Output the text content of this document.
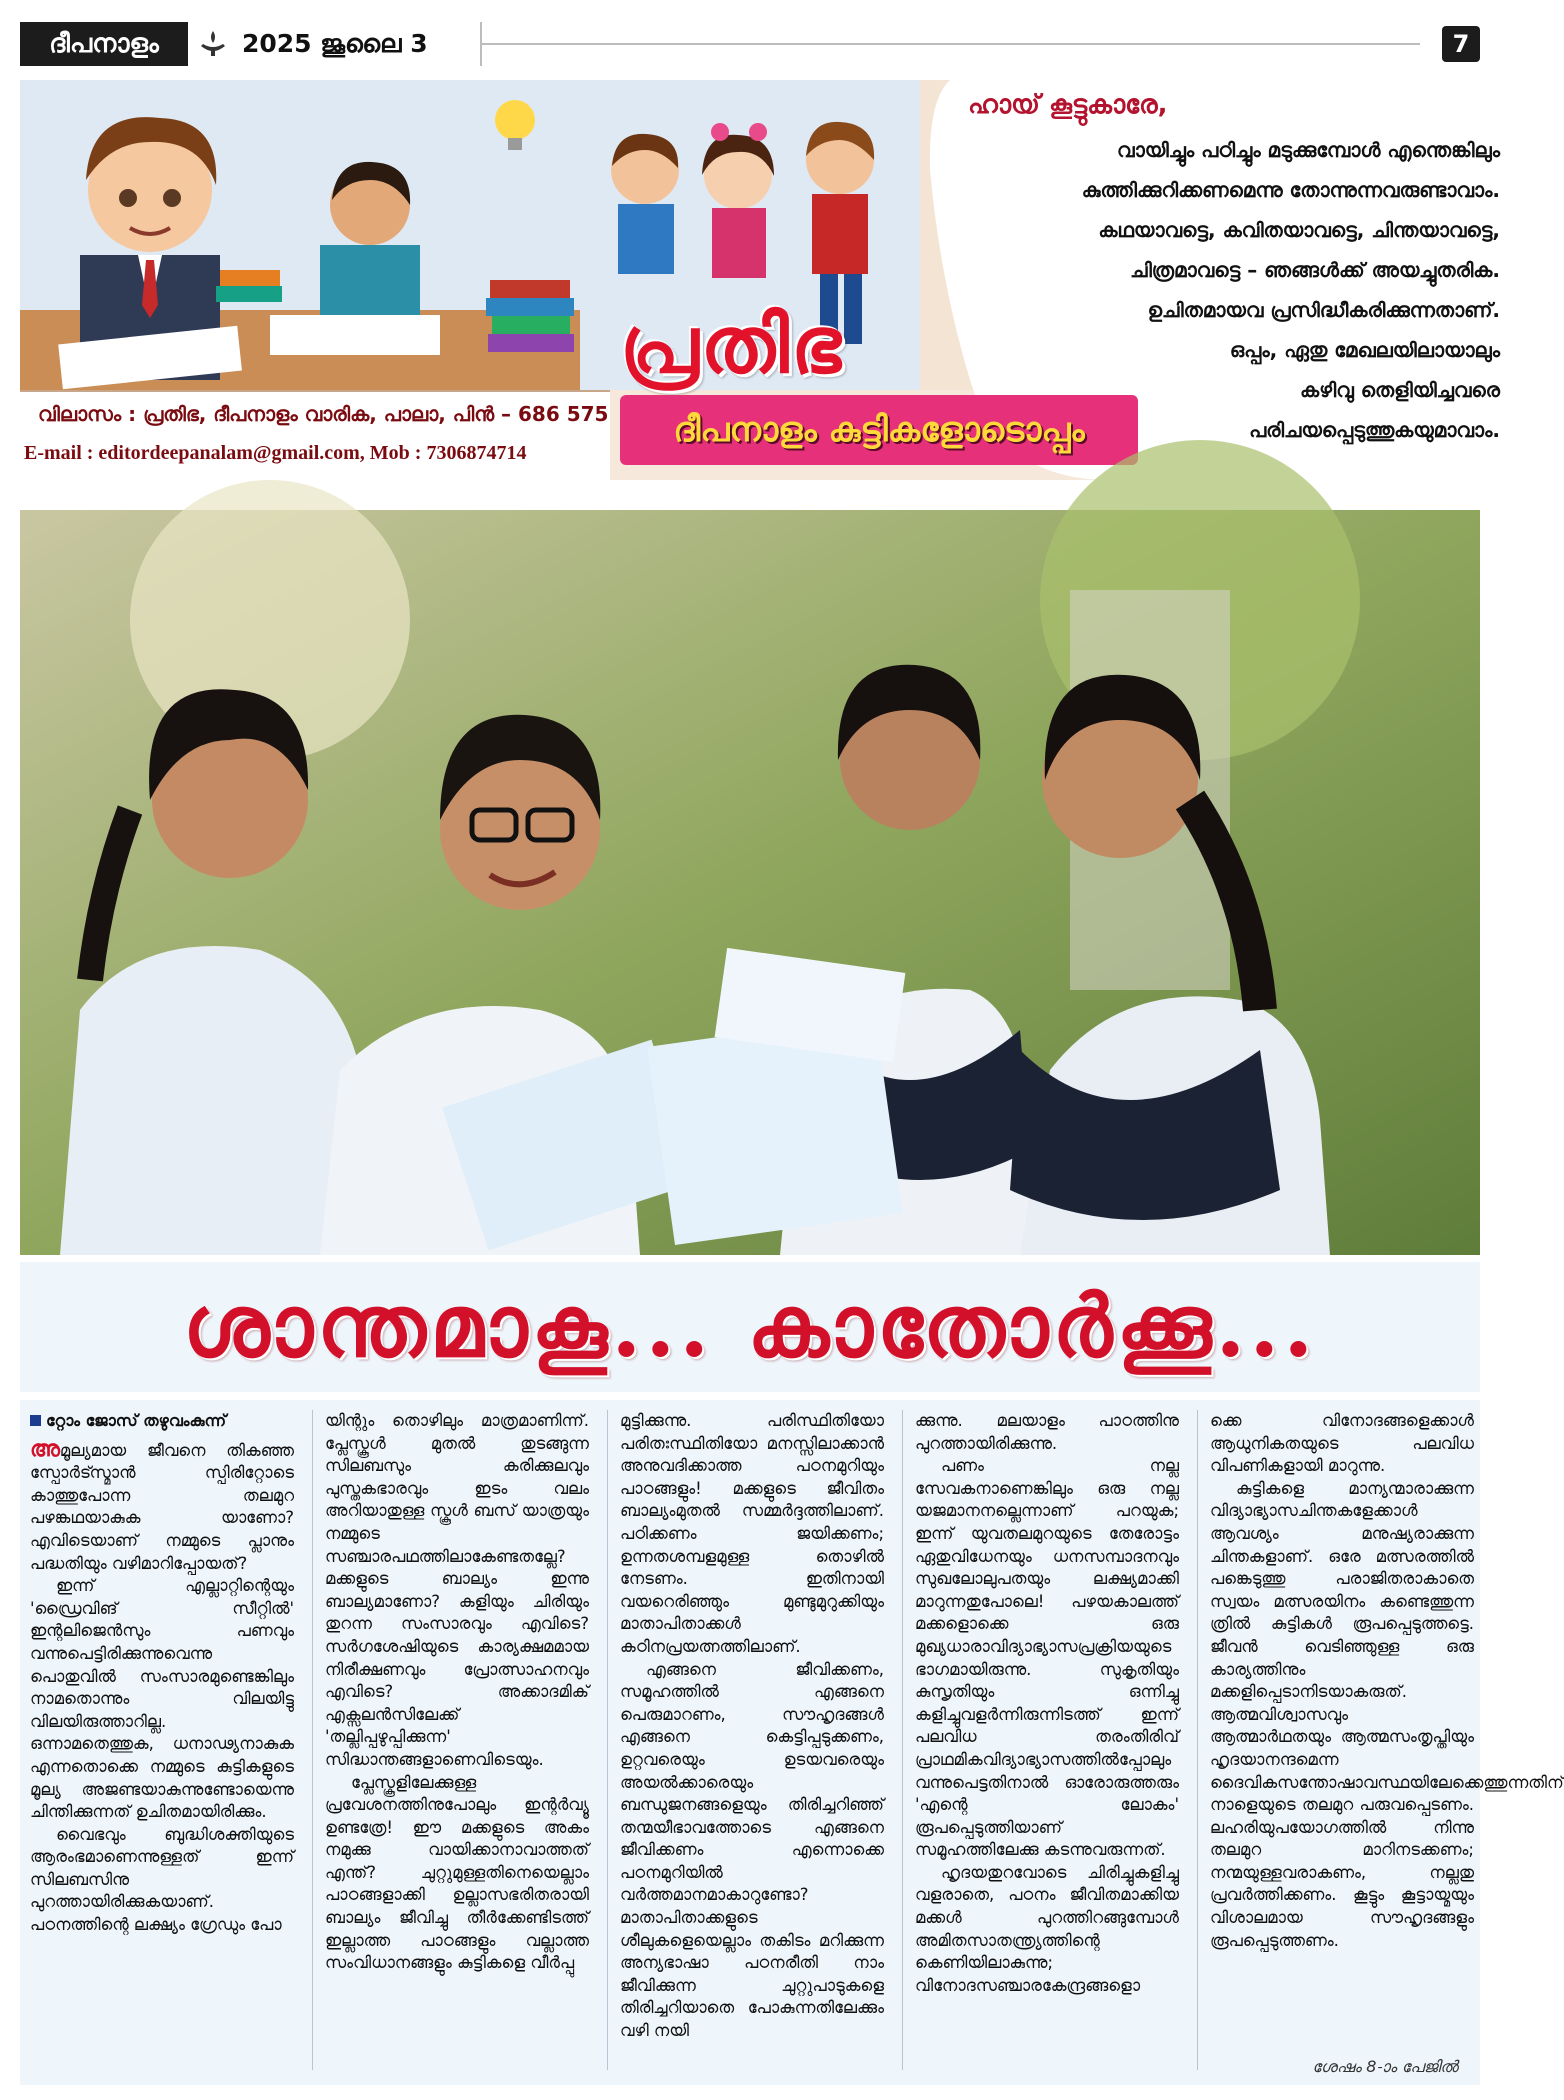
ദീപനാളം	2025 ജൂലൈ 3	7
ഹായ് കൂട്ടുകാരേ,
വായിച്ചും പഠിച്ചും മടുക്കുമ്പോൾ എന്തെങ്കിലും
കുത്തിക്കുറിക്കണമെന്നു തോന്നുന്നവരുണ്ടാവാം.
കഥയാവട്ടെ, കവിതയാവട്ടെ, ചിന്തയാവട്ടെ,
ചിത്രമാവട്ടെ – ഞങ്ങൾക്ക് അയച്ചുതരിക.
ഉചിതമായവ പ്രസിദ്ധീകരിക്കുന്നതാണ്.
ഒപ്പം, ഏതു മേഖലയിലായാലും
കഴിവു തെളിയിച്ചവരെ
പരിചയപ്പെടുത്തുകയുമാവാം.
പ്രതിഭ
വിലാസം : പ്രതിഭ, ദീപനാളം വാരിക, പാലാ, പിൻ – 686 575
E-mail : editordeepanalam@gmail.com, Mob : 7306874714
ദീപനാളം കുട്ടികളോടൊപ്പം
ശാന്തമാകൂ... കാതോർക്കൂ...
റ്റോം ജോസ് തഴുവംകുന്ന്

അമൂല്യമായ ജീവനെ തികഞ്ഞ സ്പോർട്സ്മാൻ സ്പിരിറ്റോടെ കാത്തുപോന്ന തലമുറ പഴങ്കഥയാകുക യാണോ? എവിടെയാണ് നമ്മുടെ പ്ലാനും പദ്ധതിയും വഴിമാറിപ്പോയത്?

ഇന്ന് എല്ലാറ്റിന്റെയും 'ഡ്രൈവിങ് സീറ്റിൽ' ഇന്റലിജെൻസും പണവും വന്നുപെട്ടിരിക്കുന്നുവെന്നു പൊതുവിൽ സംസാരമുണ്ടെങ്കിലും നാമതൊന്നും വിലയിട്ടു വിലയിരുത്താറില്ല. ഒന്നാമതെത്തുക, ധനാഢ്യനാകുക എന്നതൊക്കെ നമ്മുടെ കുട്ടികളുടെ മൂല്യ അജണ്ടയാകുന്നുണ്ടോയെന്നു ചിന്തിക്കുന്നത് ഉചിതമായിരിക്കും.

വൈഭവും ബുദ്ധിശക്തിയുടെ ആരംഭമാണെന്നുള്ളത് ഇന്ന് സിലബസിനു പുറത്തായിരിക്കുകയാണ്. പഠനത്തിന്റെ ലക്ഷ്യം ഗ്രേഡും പോ

യിന്റും തൊഴിലും മാത്രമാണിന്ന്. പ്ലേസ്കൂൾ മുതൽ തുടങ്ങുന്ന സിലബസും കരിക്കുലവും പുസ്തകഭാരവും ഇടം വലം അറിയാതുള്ള സ്കൂൾ ബസ് യാത്രയും നമ്മുടെ സഞ്ചാരപഥത്തിലാകേണ്ടതല്ലേ? മക്കളുടെ ബാല്യം ഇന്നു ബാല്യമാണോ? കളിയും ചിരിയും തുറന്ന സംസാരവും എവിടെ? സർഗശേഷിയുടെ കാര്യക്ഷമമായ നിരീക്ഷണവും പ്രോത്സാഹനവും എവിടെ? അക്കാദമിക് എക്സലൻസിലേക്ക് 'തല്ലിപ്പഴുപ്പിക്കുന്ന' സിദ്ധാന്തങ്ങളാണെവിടെയും.

പ്ലേസ്കൂളിലേക്കുള്ള പ്രവേശനത്തിനുപോലും ഇന്റർവ്യൂ ഉണ്ടത്രേ! ഈ മക്കളുടെ അകം നമുക്കു വായിക്കാനാവാത്തത് എന്ത്? ചുറ്റുമുള്ളതിനെയെല്ലാം പാഠങ്ങളാക്കി ഉല്ലാസഭരിതരായി ബാല്യം ജീവിച്ചു തീർക്കേണ്ടിടത്ത് ഇല്ലാത്ത പാഠങ്ങളും വല്ലാത്ത സംവിധാനങ്ങളും കുട്ടികളെ വീർപ്പു

മുട്ടിക്കുന്നു. പരിസ്ഥിതിയോ പരിതഃസ്ഥിതിയോ മനസ്സിലാക്കാൻ അനുവദിക്കാത്ത പഠനമുറിയും പാഠങ്ങളും! മക്കളുടെ ജീവിതം ബാല്യംമുതൽ സമ്മർദ്ദത്തിലാണ്. പഠിക്കണം ജയിക്കണം; ഉന്നതശമ്പളമുള്ള തൊഴിൽ നേടണം. ഇതിനായി വയറെരിഞ്ഞും മുണ്ടുമുറുക്കിയും മാതാപിതാക്കൾ കഠിനപ്രയത്നത്തിലാണ്.

എങ്ങനെ ജീവിക്കണം, സമൂഹത്തിൽ എങ്ങനെ പെരുമാറണം, സൗഹൃദങ്ങൾ എങ്ങനെ കെട്ടിപ്പടുക്കണം, ഉറ്റവരെയും ഉടയവരെയും അയൽക്കാരെയും ബന്ധുജനങ്ങളെയും തിരിച്ചറിഞ്ഞ് തന്മയീഭാവത്തോടെ എങ്ങനെ ജീവിക്കണം എന്നൊക്കെ പഠനമുറിയിൽ വർത്തമാനമാകാറുണ്ടോ? മാതാപിതാക്കളുടെ ശീലുകളെയെല്ലാം തകിടം മറിക്കുന്ന അന്യഭാഷാ പഠനരീതി നാം ജീവിക്കുന്ന ചുറ്റുപാടുകളെ തിരിച്ചറിയാതെ പോകുന്നതിലേക്കും വഴി നയി

ക്കുന്നു. മലയാളം പാഠത്തിനു പുറത്തായിരിക്കുന്നു.

പണം നല്ല സേവകനാണെങ്കിലും ഒരു നല്ല യജമാനനല്ലെന്നാണ് പറയുക; ഇന്ന് യുവതലമുറയുടെ തേരോട്ടം ഏതുവിധേനയും ധനസമ്പാദനവും സുഖലോലുപതയും ലക്ഷ്യമാക്കി മാറുന്നതുപോലെ! പഴയകാലത്ത് മക്കളൊക്കെ ഒരു മുഖ്യധാരാവിദ്യാഭ്യാസപ്രക്രിയയുടെ ഭാഗമായിരുന്നു. സുകൃതിയും കുസൃതിയും ഒന്നിച്ചു കളിച്ചുവളർന്നിരുന്നിടത്ത് ഇന്ന് പലവിധ തരംതിരിവ് പ്രാഥമികവിദ്യാഭ്യാസത്തിൽപ്പോലും വന്നുപെട്ടതിനാൽ ഓരോരുത്തരും 'എന്റെ ലോകം' രൂപപ്പെടുത്തിയാണ് സമൂഹത്തിലേക്കു കടന്നുവരുന്നത്.

ഹൃദയതുറവോടെ ചിരിച്ചുകളിച്ചു വളരാതെ, പഠനം ജീവിതമാക്കിയ മക്കൾ പുറത്തിറങ്ങുമ്പോൾ അമിതസാതന്ത്ര്യത്തിന്റെ കെണിയിലാകുന്നു; വിനോദസഞ്ചാരകേന്ദ്രങ്ങളൊ

ക്കെ വിനോദങ്ങളെക്കാൾ ആധുനികതയുടെ പലവിധ വിപണികളായി മാറുന്നു.

കുട്ടികളെ മാന്യന്മാരാക്കുന്ന വിദ്യാഭ്യാസചിന്തകളേക്കാൾ ആവശ്യം മനുഷ്യരാക്കുന്ന ചിന്തകളാണ്. ഒരേ മത്സരത്തിൽ പങ്കെടുത്തു പരാജിതരാകാതെ സ്വയം മത്സരയിനം കണ്ടെത്തുന്ന ത്രിൽ കുട്ടികൾ രൂപപ്പെടുത്തട്ടെ. ജീവൻ വെടിഞ്ഞുള്ള ഒരു കാര്യത്തിനും മക്കളിപ്പെടാനിടയാകരുത്. ആത്മവിശ്വാസവും ആത്മാർഥതയും ആത്മസംതൃപ്തിയും ഹൃദയാനന്ദമെന്ന ദൈവികസന്തോഷാവസ്ഥയിലേക്കെത്തുന്നതിന് നാളെയുടെ തലമുറ പരുവപ്പെടണം. ലഹരിയുപയോഗത്തിൽ നിന്നു തലമുറ മാറിനടക്കണം; നന്മയുള്ളവരാകണം, നല്ലതു പ്രവർത്തിക്കണം. കൂട്ടും കൂട്ടായ്മയും വിശാലമായ സൗഹൃദങ്ങളും രൂപപ്പെടുത്തണം.

ശേഷം 8-ാം പേജിൽ
